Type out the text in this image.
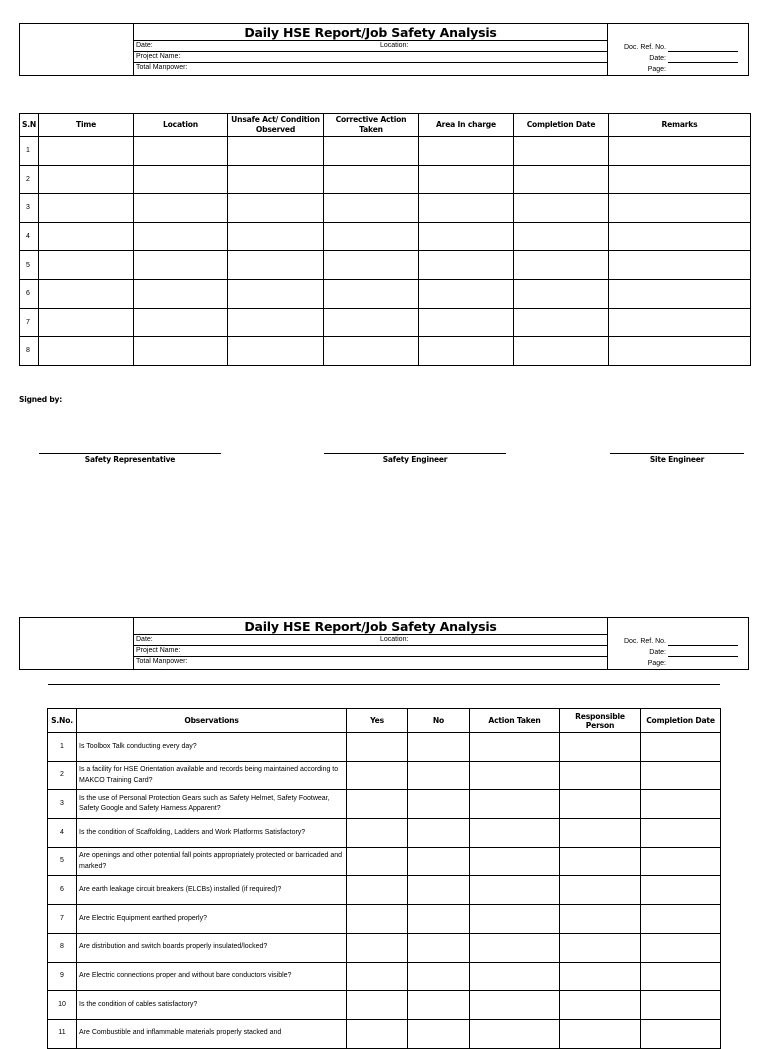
Daily HSE Report/Job Safety Analysis
Date:	Location:
Project Name:
Total Manpower:
Doc. Ref. No.
Date:
Page:
S.N	Time	Location	Unsafe Act/ Condition Observed	Corrective Action Taken	Area In charge	Completion Date	Remarks
1							
2							
3							
4							
5							
6							
7							
8							
Signed by:
Safety Representative	Safety Engineer	Site Engineer
Daily HSE Report/Job Safety Analysis
Date:	Location:
Project Name:
Total Manpower:
Doc. Ref. No.
Date:
Page:
S.No.	Observations	Yes	No	Action Taken	Responsible Person	Completion Date
1	Is Toolbox Talk conducting every day?					
2	Is a facility for HSE Orientation available and records being maintained according to MAKCO Training Card?					
3	Is the use of Personal Protection Gears such as Safety Helmet, Safety Footwear, Safety Google and Safety Harness Apparent?					
4	Is the condition of Scaffolding, Ladders and Work Platforms Satisfactory?					
5	Are openings and other potential fall points appropriately protected or barricaded and marked?					
6	Are earth leakage circuit breakers (ELCBs) installed (if required)?					
7	Are Electric Equipment earthed properly?					
8	Are distribution and switch boards properly insulated/locked?					
9	Are Electric connections proper and without bare conductors visible?					
10	Is the condition of cables satisfactory?					
11	Are Combustible and inflammable materials properly stacked and					
